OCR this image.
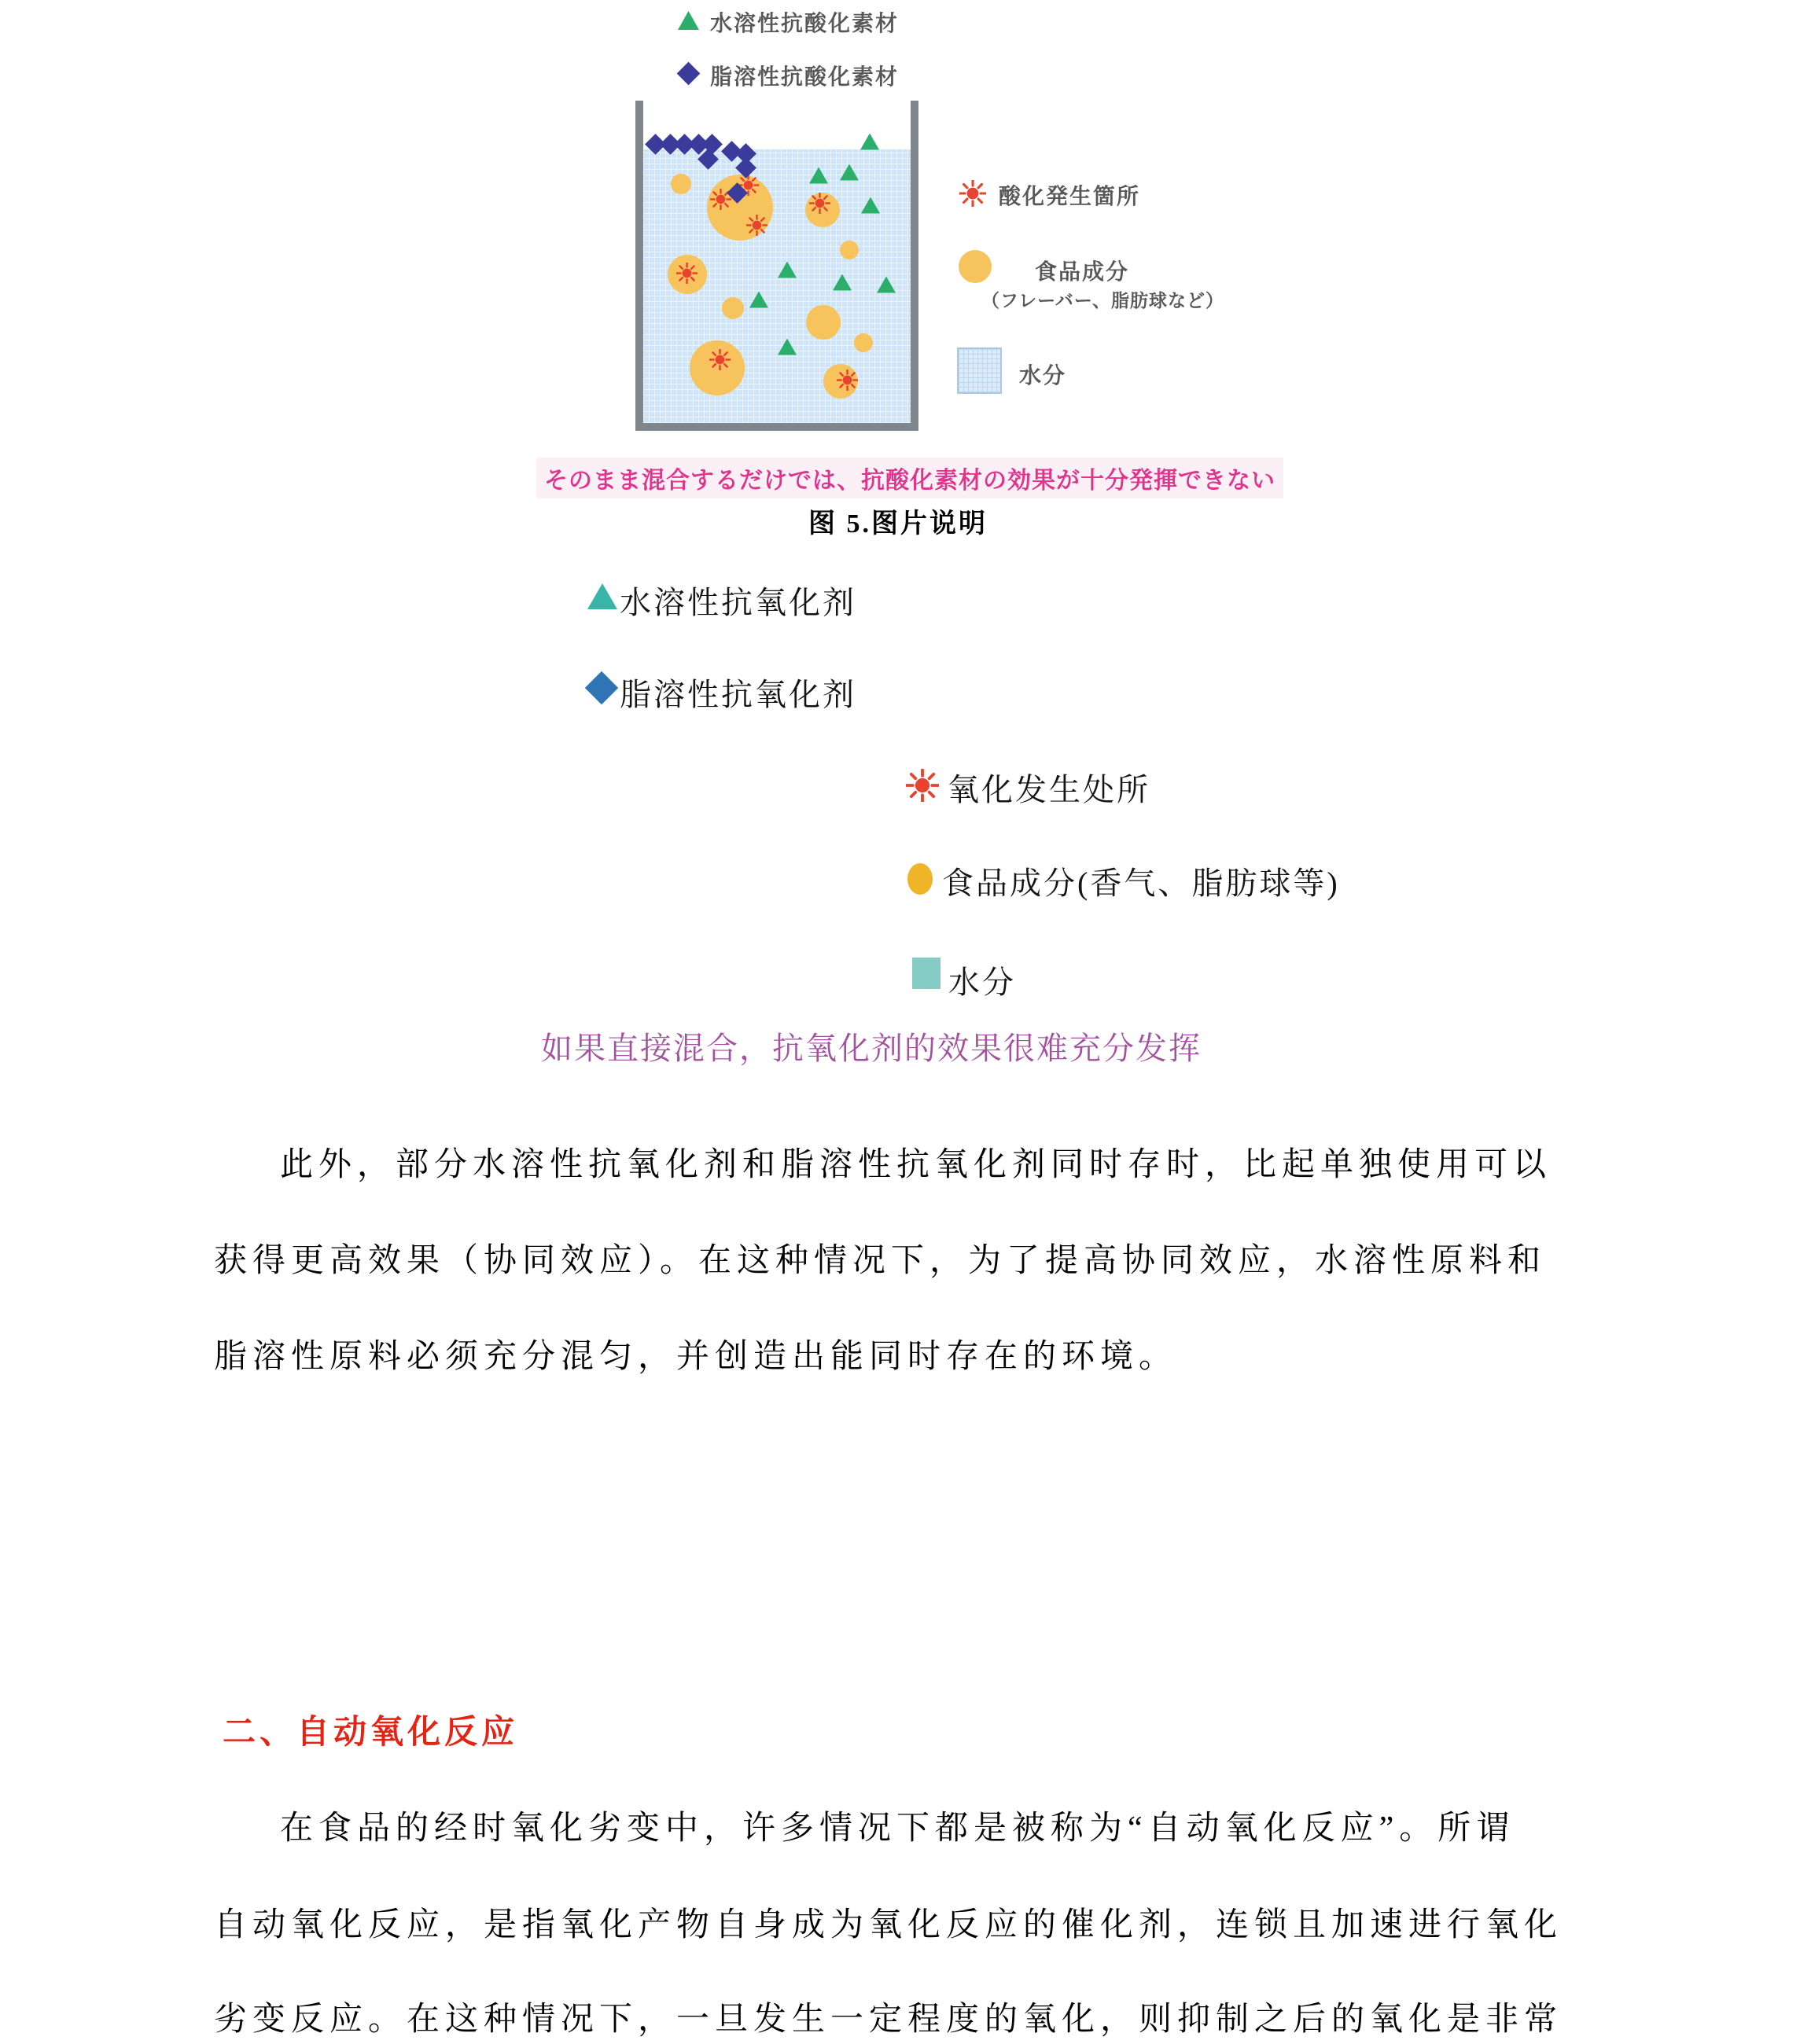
水溶性抗酸化素材
脂溶性抗酸化素材
酸化発生箇所
食品成分
（フレーバー、脂肪球など）
水分
そのまま混合するだけでは、抗酸化素材の効果が十分発揮できない
图 5.图片说明
水溶性抗氧化剂
脂溶性抗氧化剂
氧化发生处所
食品成分(香气、脂肪球等)
水分
如果直接混合，抗氧化剂的效果很难充分发挥
此外，部分水溶性抗氧化剂和脂溶性抗氧化剂同时存时，比起单独使用可以
获得更高效果（协同效应）。在这种情况下，为了提高协同效应，水溶性原料和
脂溶性原料必须充分混匀，并创造出能同时存在的环境。
二、自动氧化反应
在食品的经时氧化劣变中，许多情况下都是被称为“自动氧化反应”。所谓
自动氧化反应，是指氧化产物自身成为氧化反应的催化剂，连锁且加速进行氧化
劣变反应。在这种情况下，一旦发生一定程度的氧化，则抑制之后的氧化是非常
